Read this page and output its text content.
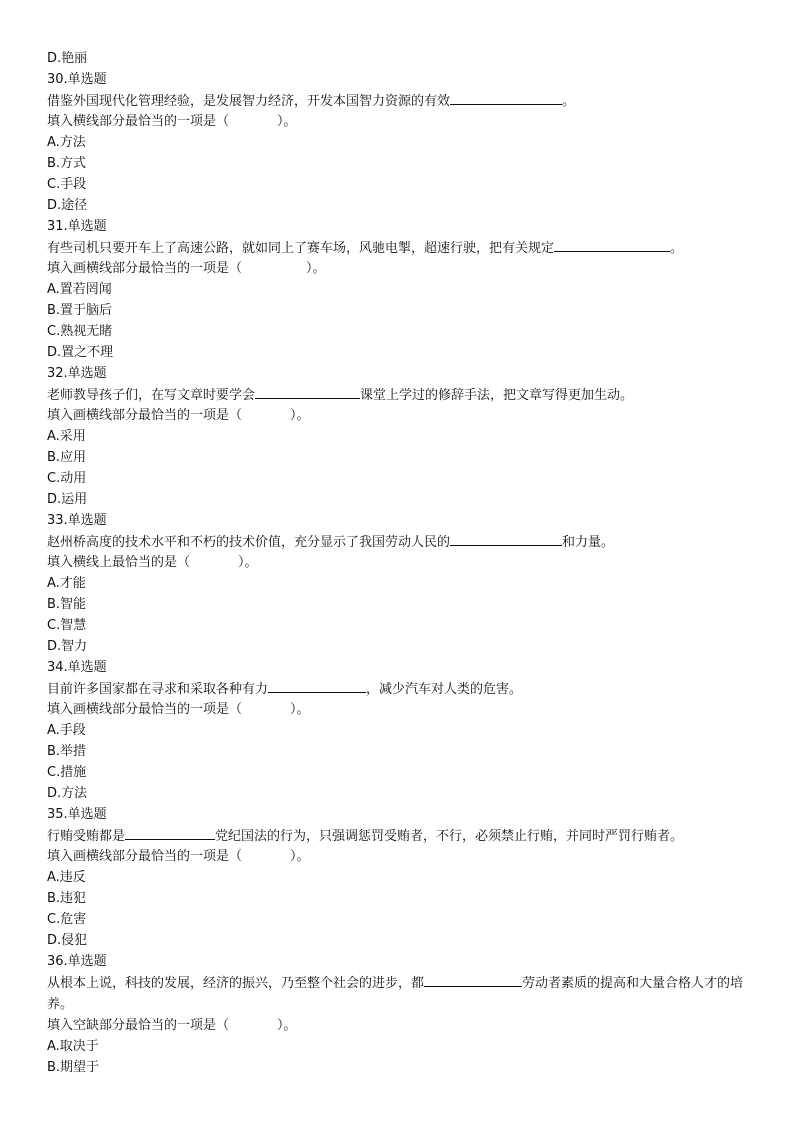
D.艳丽
30.单选题
借鉴外国现代化管理经验，是发展智力经济，开发本国智力资源的有效	。
填入横线部分最恰当的一项是（	）。
A.方法
B.方式
C.手段
D.途径
31.单选题
有些司机只要开车上了高速公路，就如同上了赛车场，风驰电掣，超速行驶，把有关规定	。
填入画横线部分最恰当的一项是（	）。
A.置若罔闻
B.置于脑后
C.熟视无睹
D.置之不理
32.单选题
老师教导孩子们，在写文章时要学会	课堂上学过的修辞手法，把文章写得更加生动。
填入画横线部分最恰当的一项是（	）。
A.采用
B.应用
C.动用
D.运用
33.单选题
赵州桥高度的技术水平和不朽的技术价值，充分显示了我国劳动人民的	和力量。
填入横线上最恰当的是（	）。
A.才能
B.智能
C.智慧
D.智力
34.单选题
目前许多国家都在寻求和采取各种有力	，减少汽车对人类的危害。
填入画横线部分最恰当的一项是（	）。
A.手段
B.举措
C.措施
D.方法
35.单选题
行贿受贿都是	党纪国法的行为，只强调惩罚受贿者，不行，必须禁止行贿，并同时严罚行贿者。
填入画横线部分最恰当的一项是（	）。
A.违反
B.违犯
C.危害
D.侵犯
36.单选题
从根本上说，科技的发展，经济的振兴，乃至整个社会的进步，都	劳动者素质的提高和大量合格人才的培养。
填入空缺部分最恰当的一项是（	）。
A.取决于
B.期望于
